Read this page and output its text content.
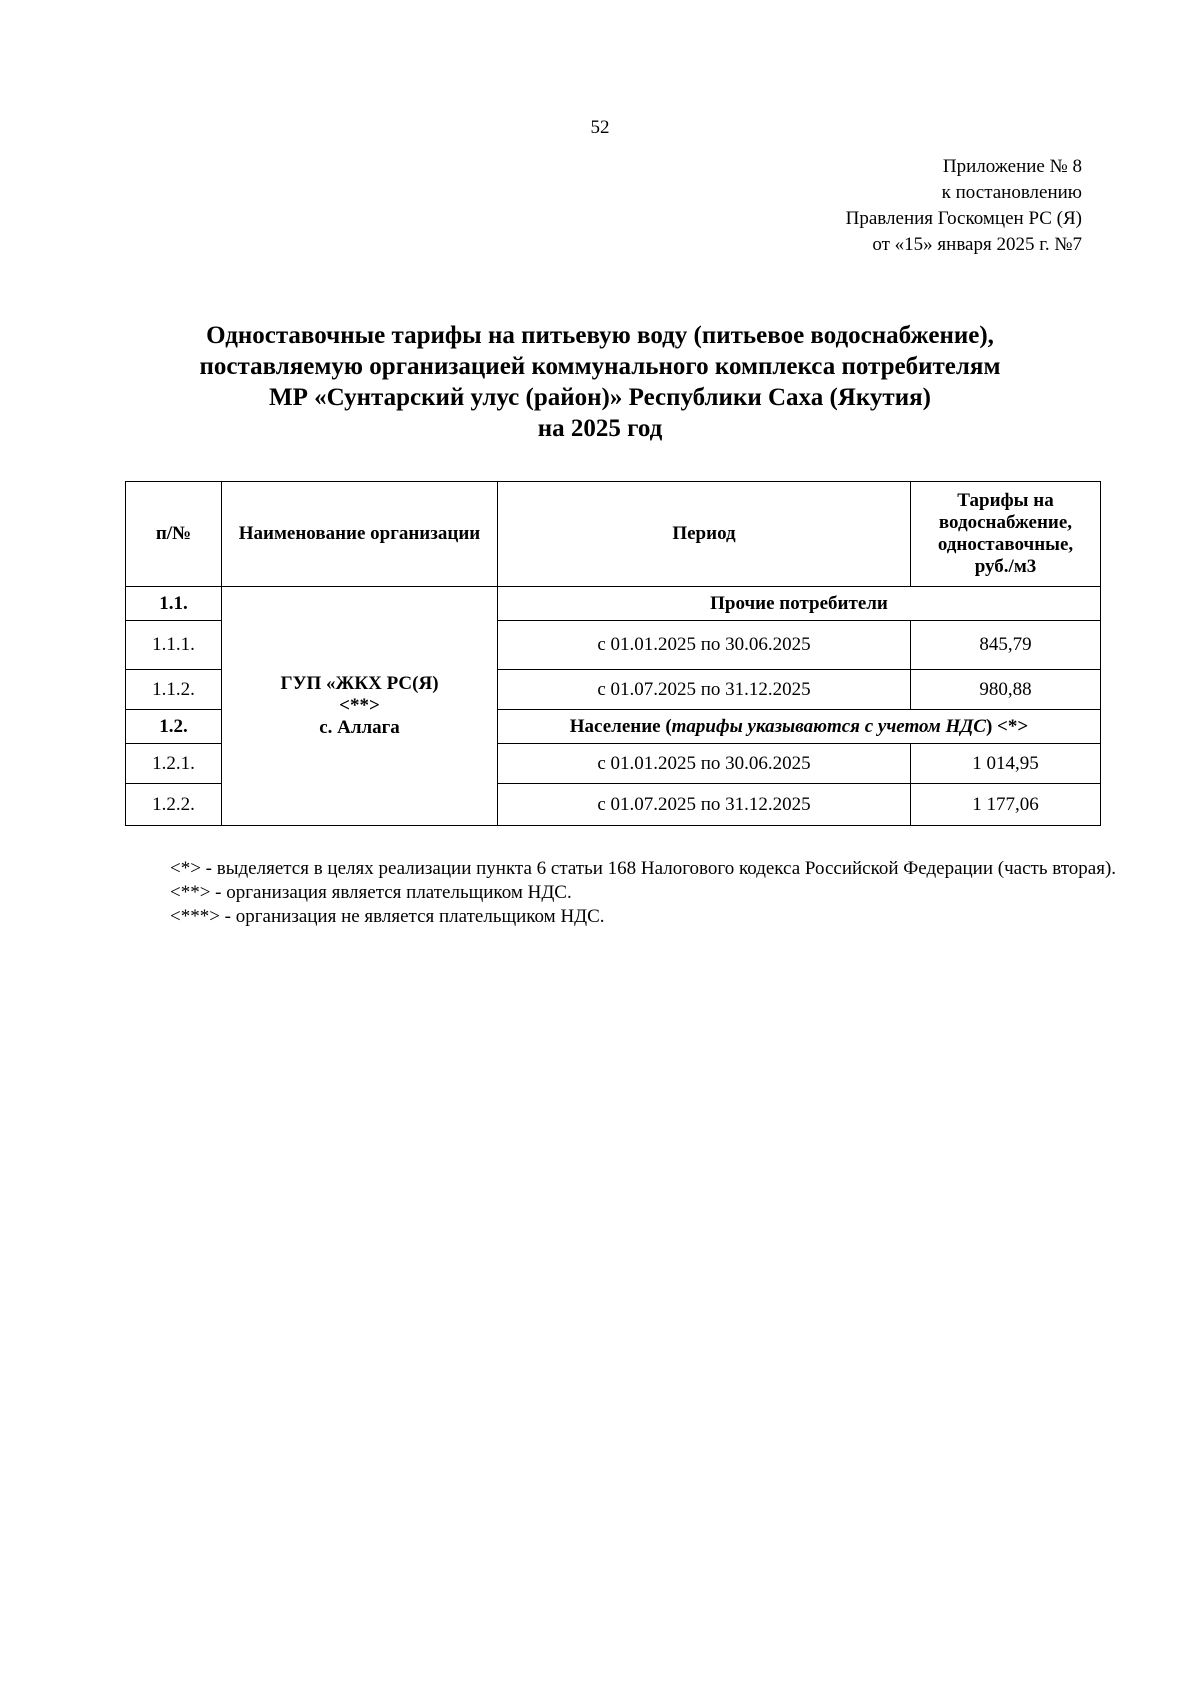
52
Приложение № 8
к постановлению
Правления Госкомцен РС (Я)
от «15» января 2025 г. №7
Одноставочные тарифы на питьевую воду (питьевое водоснабжение),
поставляемую организацией коммунального комплекса потребителям
МР «Сунтарский улус (район)» Республики Саха (Якутия)
на 2025 год
п/№	Наименование организации	Период	Тарифы на
водоснабжение,
одноставочные,
руб./м3

1.1.	ГУП «ЖКХ РС(Я)
<**>
с. Аллага	Прочие потребители	
1.1.1.		с 01.01.2025 по 30.06.2025	845,79
1.1.2.		с 01.07.2025 по 31.12.2025	980,88
1.2.		Население (тарифы указываются с учетом НДС) <*>	
1.2.1.		с 01.01.2025 по 30.06.2025	1 014,95
1.2.2.		с 01.07.2025 по 31.12.2025	1 177,06

<*> - выделяется в целях реализации пункта 6 статьи 168 Налогового кодекса Российской Федерации (часть вторая).

<**> - организация является плательщиком НДС.

<***> - организация не является плательщиком НДС.
